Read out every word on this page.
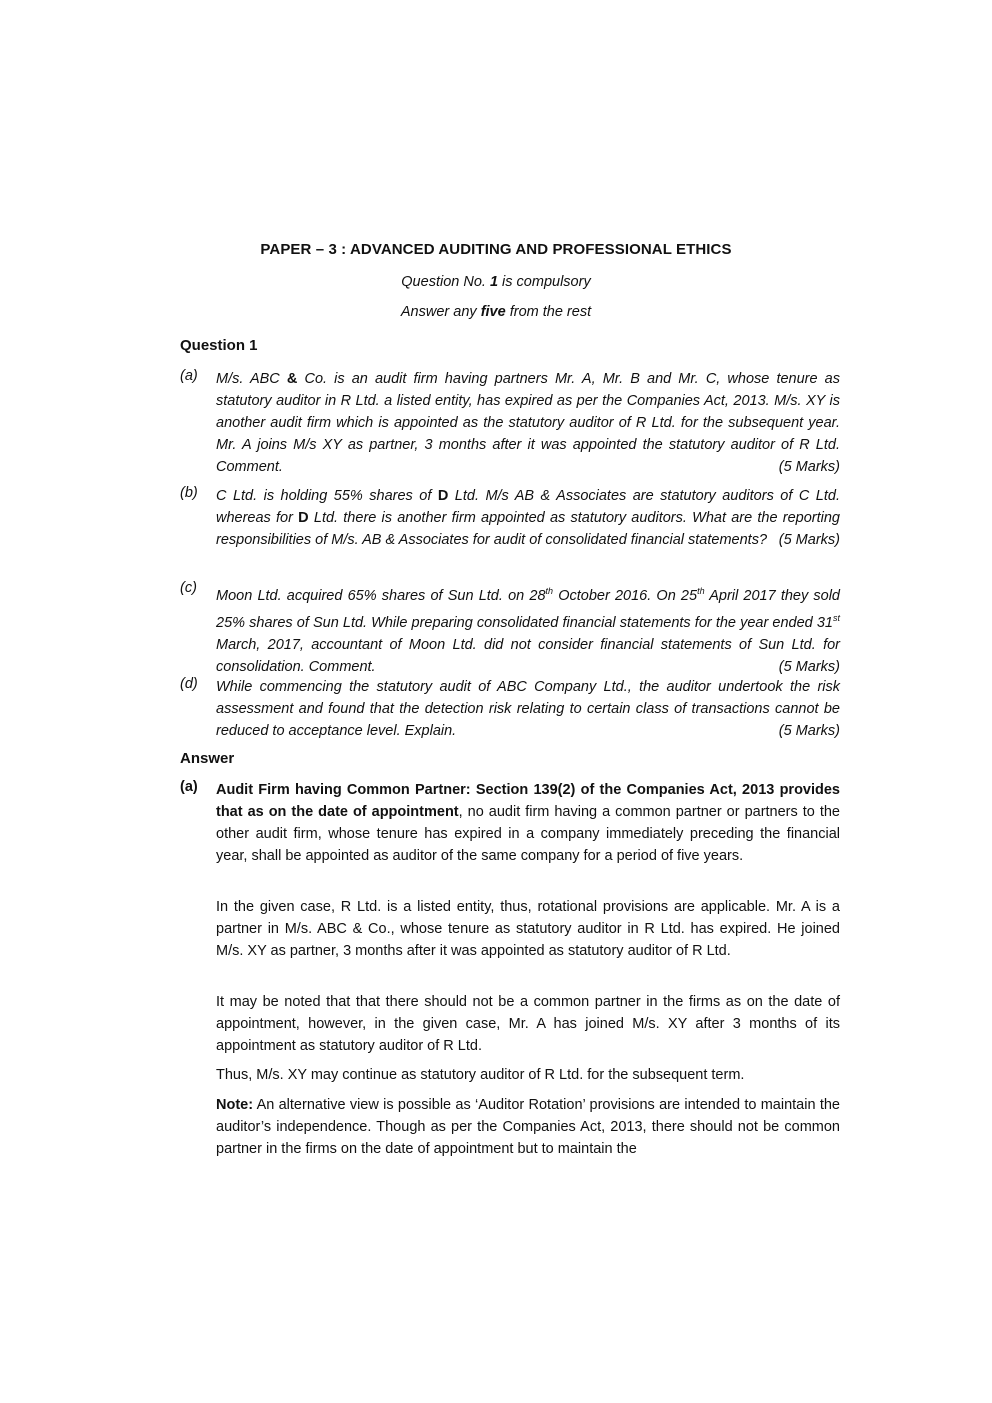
PAPER – 3 : ADVANCED AUDITING AND PROFESSIONAL ETHICS
Question No. 1 is compulsory
Answer any five from the rest
Question 1
(a) M/s. ABC & Co. is an audit firm having partners Mr. A, Mr. B and Mr. C, whose tenure as statutory auditor in R Ltd. a listed entity, has expired as per the Companies Act, 2013. M/s. XY is another audit firm which is appointed as the statutory auditor of R Ltd. for the subsequent year. Mr. A joins M/s XY as partner, 3 months after it was appointed the statutory auditor of R Ltd. Comment.	(5 Marks)
(b) C Ltd. is holding 55% shares of D Ltd. M/s AB & Associates are statutory auditors of C Ltd. whereas for D Ltd. there is another firm appointed as statutory auditors. What are the reporting responsibilities of M/s. AB & Associates for audit of consolidated financial statements? (5 Marks)
(c) Moon Ltd. acquired 65% shares of Sun Ltd. on 28th October 2016. On 25th April 2017 they sold 25% shares of Sun Ltd. While preparing consolidated financial statements for the year ended 31st March, 2017, accountant of Moon Ltd. did not consider financial statements of Sun Ltd. for consolidation. Comment.	(5 Marks)
(d) While commencing the statutory audit of ABC Company Ltd., the auditor undertook the risk assessment and found that the detection risk relating to certain class of transactions cannot be reduced to acceptance level. Explain.	(5 Marks)
Answer
(a) Audit Firm having Common Partner: Section 139(2) of the Companies Act, 2013 provides that as on the date of appointment, no audit firm having a common partner or partners to the other audit firm, whose tenure has expired in a company immediately preceding the financial year, shall be appointed as auditor of the same company for a period of five years.
In the given case, R Ltd. is a listed entity, thus, rotational provisions are applicable. Mr. A is a partner in M/s. ABC & Co., whose tenure as statutory auditor in R Ltd. has expired. He joined M/s. XY as partner, 3 months after it was appointed as statutory auditor of R Ltd.
It may be noted that that there should not be a common partner in the firms as on the date of appointment, however, in the given case, Mr. A has joined M/s. XY after 3 months of its appointment as statutory auditor of R Ltd.
Thus, M/s. XY may continue as statutory auditor of R Ltd. for the subsequent term.
Note: An alternative view is possible as ‘Auditor Rotation’ provisions are intended to maintain the auditor’s independence. Though as per the Companies Act, 2013, there should not be common partner in the firms on the date of appointment but to maintain the
